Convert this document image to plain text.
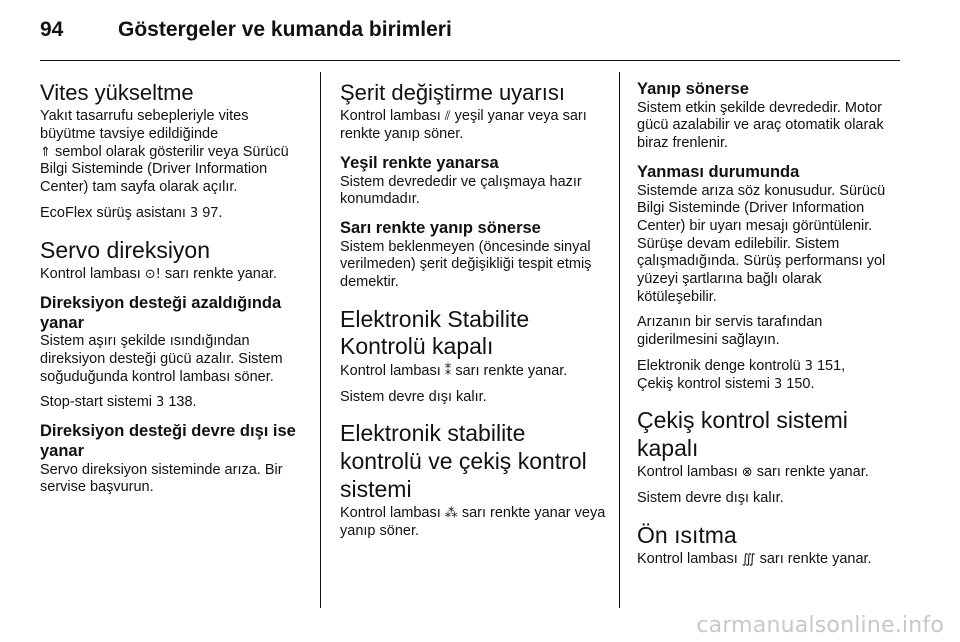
94	Göstergeler ve kumanda birimleri
Vites yükseltme

Yakıt tasarrufu sebepleriyle vites büyütme tavsiye edildiğinde
⇑ sembol olarak gösterilir veya Sürücü Bilgi Sisteminde (Driver Information Center) tam sayfa olarak açılır.

EcoFlex sürüş asistanı 3 97.

Servo direksiyon

Kontrol lambası ⊙! sarı renkte yanar.

Direksiyon desteği azaldığında yanar

Sistem aşırı şekilde ısındığından direksiyon desteği gücü azalır. Sistem soğuduğunda kontrol lambası söner.

Stop-start sistemi 3 138.

Direksiyon desteği devre dışı ise yanar

Servo direksiyon sisteminde arıza. Bir servise başvurun.

Şerit değiştirme uyarısı

Kontrol lambası ⫽ yeşil yanar veya sarı renkte yanıp söner.

Yeşil renkte yanarsa

Sistem devrededir ve çalışmaya hazır konumdadır.

Sarı renkte yanıp sönerse

Sistem beklenmeyen (öncesinde sinyal verilmeden) şerit değişikliği tespit etmiş demektir.

Elektronik Stabilite Kontrolü kapalı

Kontrol lambası ⁑ sarı renkte yanar.

Sistem devre dışı kalır.

Elektronik stabilite kontrolü ve çekiş kontrol sistemi

Kontrol lambası ⁂ sarı renkte yanar veya yanıp söner.

Yanıp sönerse

Sistem etkin şekilde devrededir. Motor gücü azalabilir ve araç otomatik olarak biraz frenlenir.

Yanması durumunda

Sistemde arıza söz konusudur. Sürücü Bilgi Sisteminde (Driver Information Center) bir uyarı mesajı görüntülenir. Sürüşe devam edilebilir. Sistem çalışmadığında. Sürüş performansı yol yüzeyi şartlarına bağlı olarak kötüleşebilir.

Arızanın bir servis tarafından giderilmesini sağlayın.

Elektronik denge kontrolü 3 151,
Çekiş kontrol sistemi 3 150.

Çekiş kontrol sistemi kapalı

Kontrol lambası ⊗ sarı renkte yanar.

Sistem devre dışı kalır.

Ön ısıtma

Kontrol lambası ∭ sarı renkte yanar.

carmanualsonline.info
